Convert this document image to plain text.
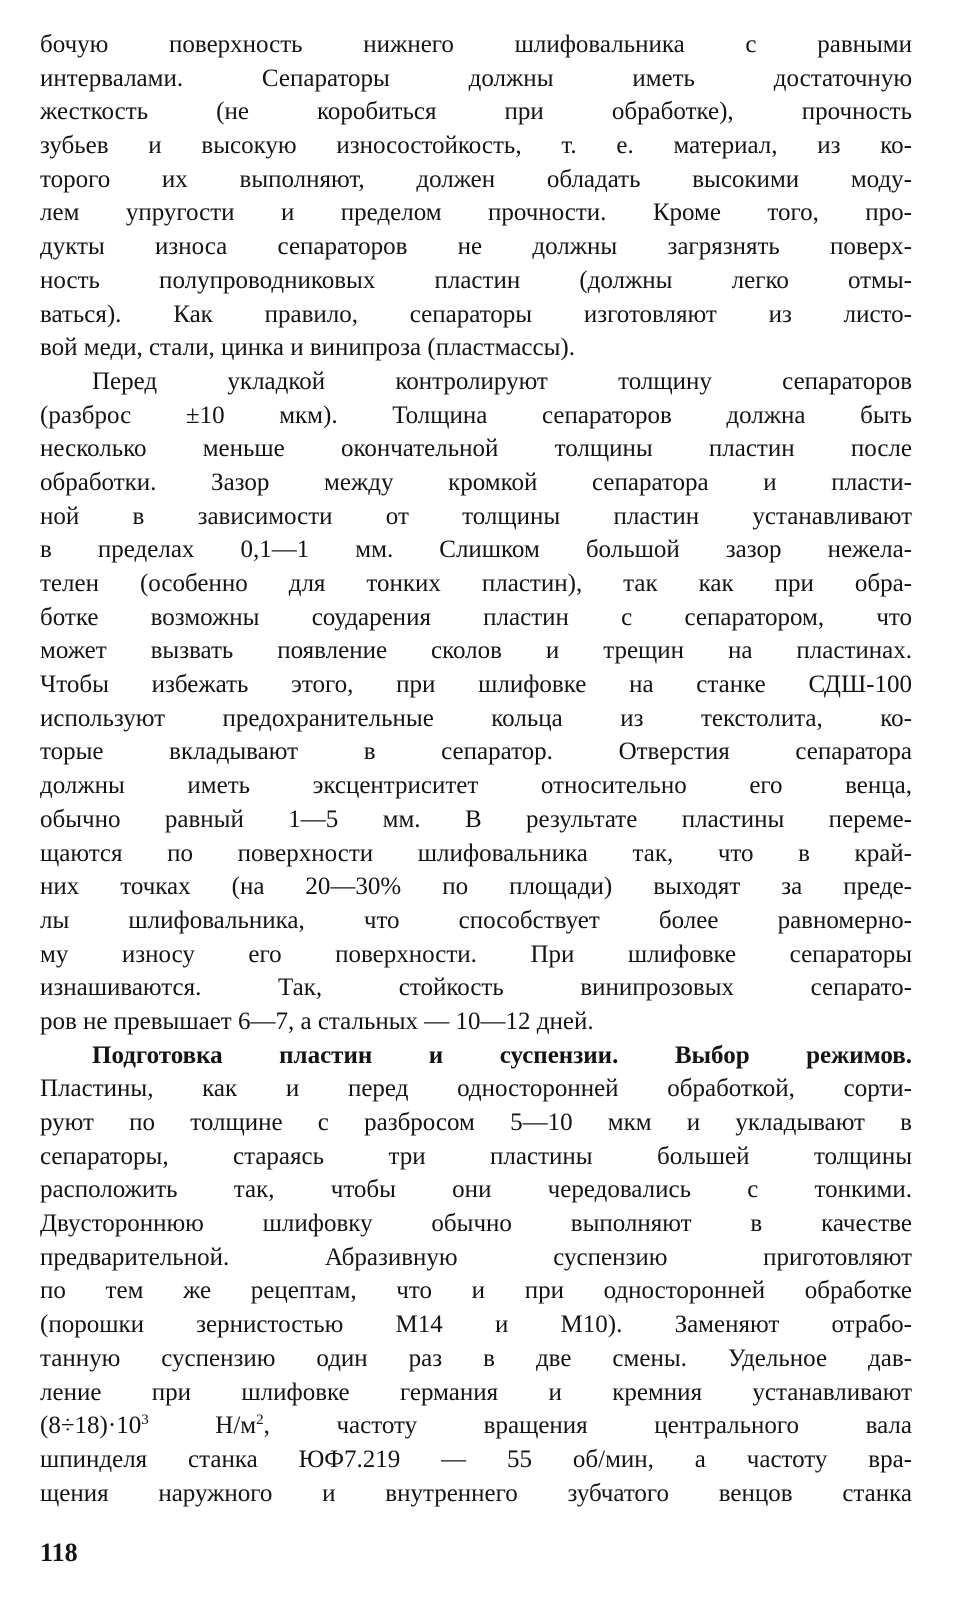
бочую поверхность нижнего шлифовальника с равными
интервалами. Сепараторы должны иметь достаточную
жесткость (не коробиться при обработке), прочность
зубьев и высокую износостойкость, т. е. материал, из ко-
торого их выполняют, должен обладать высокими моду-
лем упругости и пределом прочности. Кроме того, про-
дукты износа сепараторов не должны загрязнять поверх-
ность полупроводниковых пластин (должны легко отмы-
ваться). Как правило, сепараторы изготовляют из листо-
вой меди, стали, цинка и винипроза (пластмассы).
Перед укладкой контролируют толщину сепараторов
(разброс ±10 мкм). Толщина сепараторов должна быть
несколько меньше окончательной толщины пластин после
обработки. Зазор между кромкой сепаратора и пласти-
ной в зависимости от толщины пластин устанавливают
в пределах 0,1—1 мм. Слишком большой зазор нежела-
телен (особенно для тонких пластин), так как при обра-
ботке возможны соударения пластин с сепаратором, что
может вызвать появление сколов и трещин на пластинах.
Чтобы избежать этого, при шлифовке на станке СДШ-100
используют предохранительные кольца из текстолита, ко-
торые вкладывают в сепаратор. Отверстия сепаратора
должны иметь эксцентриситет относительно его венца,
обычно равный 1—5 мм. В результате пластины переме-
щаются по поверхности шлифовальника так, что в край-
них точках (на 20—30% по площади) выходят за преде-
лы шлифовальника, что способствует более равномерно-
му износу его поверхности. При шлифовке сепараторы
изнашиваются. Так, стойкость винипрозовых сепарато-
ров не превышает 6—7, а стальных — 10—12 дней.
Подготовка пластин и суспензии. Выбор режимов.
Пластины, как и перед односторонней обработкой, сорти-
руют по толщине с разбросом 5—10 мкм и укладывают в
сепараторы, стараясь три пластины большей толщины
расположить так, чтобы они чередовались с тонкими.
Двустороннюю шлифовку обычно выполняют в качестве
предварительной. Абразивную суспензию приготовляют
по тем же рецептам, что и при односторонней обработке
(порошки зернистостью М14 и М10). Заменяют отрабо-
танную суспензию один раз в две смены. Удельное дав-
ление при шлифовке германия и кремния устанавливают
$(8\div 18)\cdot 10^3$ $Н/м^2$, частоту вращения центрального вала
шпинделя станка ЮФ7.219 — 55 об/мин, а частоту вра-
щения наружного и внутреннего зубчатого венцов станка
118
